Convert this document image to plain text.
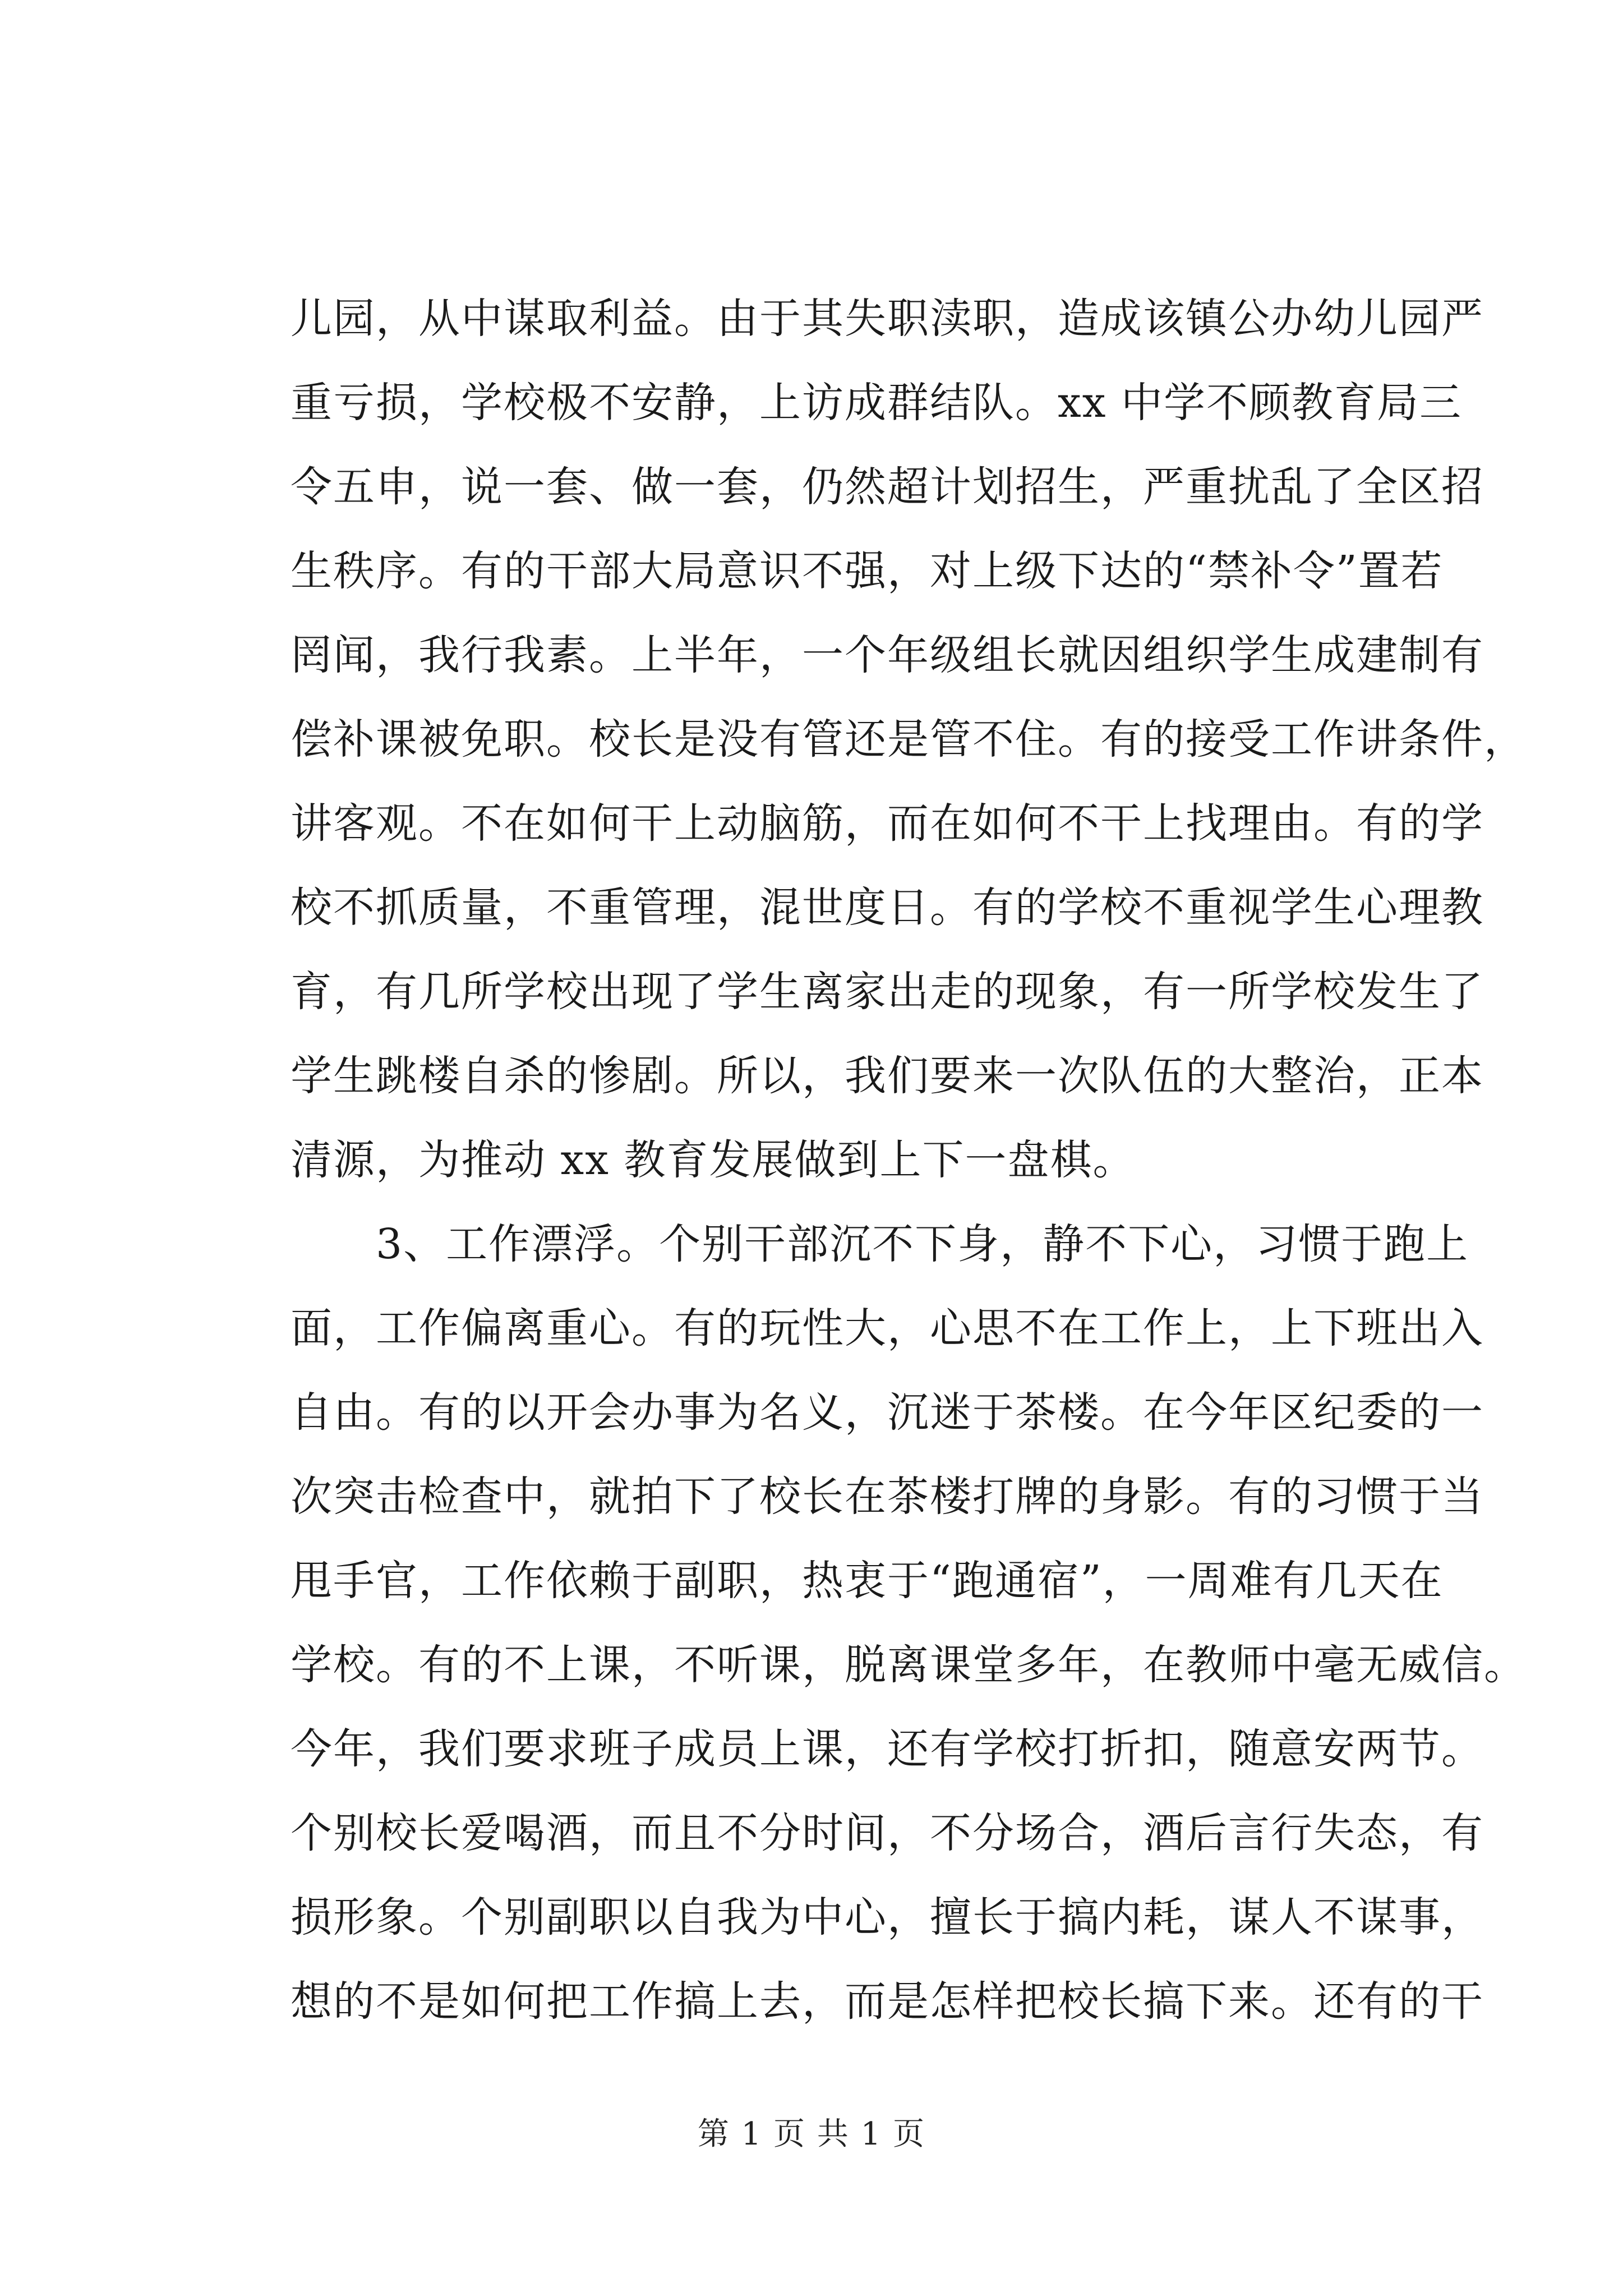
儿园，从中谋取利益。由于其失职渎职，造成该镇公办幼儿园严
重亏损，学校极不安静，上访成群结队。xx 中学不顾教育局三
令五申，说一套、做一套，仍然超计划招生，严重扰乱了全区招
生秩序。有的干部大局意识不强，对上级下达的“禁补令”置若
罔闻，我行我素。上半年，一个年级组长就因组织学生成建制有
偿补课被免职。校长是没有管还是管不住。有的接受工作讲条件，
讲客观。不在如何干上动脑筋，而在如何不干上找理由。有的学
校不抓质量，不重管理，混世度日。有的学校不重视学生心理教
育，有几所学校出现了学生离家出走的现象，有一所学校发生了
学生跳楼自杀的惨剧。所以，我们要来一次队伍的大整治，正本
清源，为推动 xx 教育发展做到上下一盘棋。
3、工作漂浮。个别干部沉不下身，静不下心，习惯于跑上
面，工作偏离重心。有的玩性大，心思不在工作上，上下班出入
自由。有的以开会办事为名义，沉迷于茶楼。在今年区纪委的一
次突击检查中，就拍下了校长在茶楼打牌的身影。有的习惯于当
甩手官，工作依赖于副职，热衷于“跑通宿”，一周难有几天在
学校。有的不上课，不听课，脱离课堂多年，在教师中毫无威信。
今年，我们要求班子成员上课，还有学校打折扣，随意安两节。
个别校长爱喝酒，而且不分时间，不分场合，酒后言行失态，有
损形象。个别副职以自我为中心，擅长于搞内耗，谋人不谋事，
想的不是如何把工作搞上去，而是怎样把校长搞下来。还有的干
第 1 页 共 1 页
